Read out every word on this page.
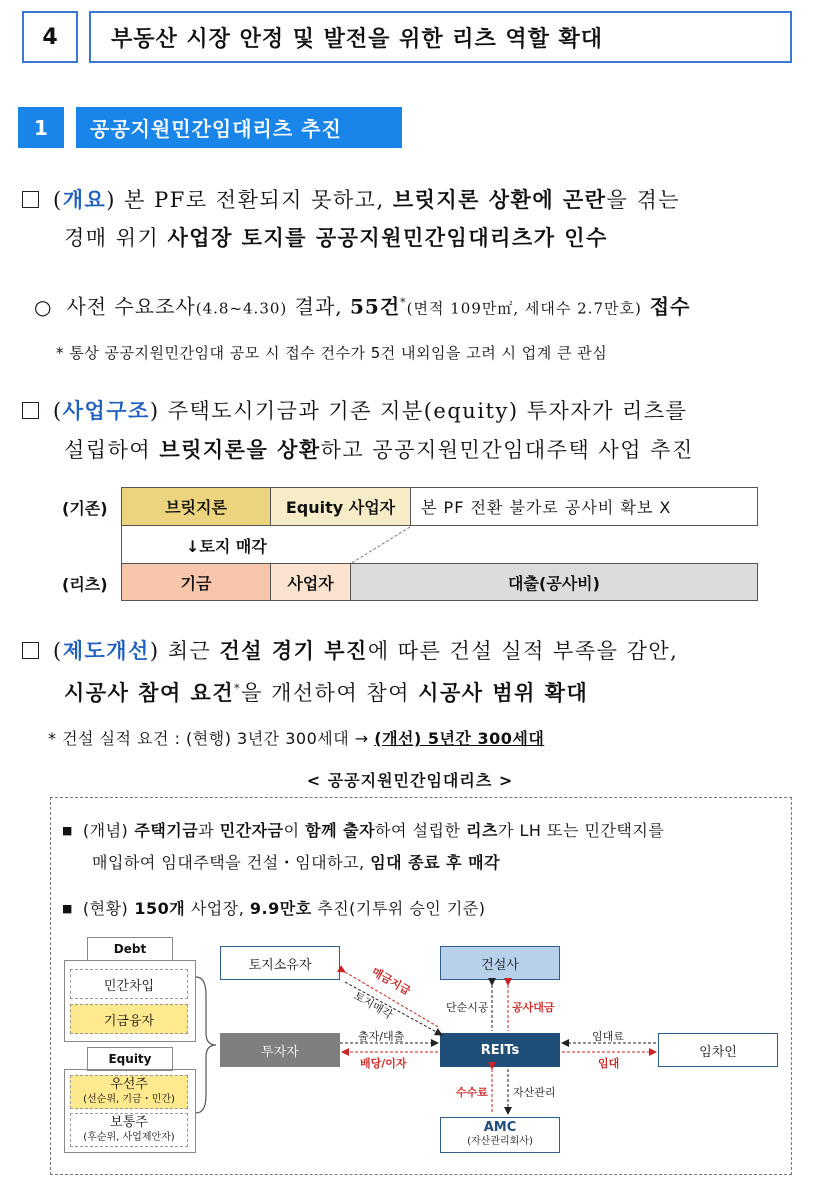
4	부동산 시장 안정 및 발전을 위한 리츠 역할 확대
1	공공지원민간임대리츠 추진
(개요) 본 PF로 전환되지 못하고, 브릿지론 상환에 곤란을 겪는
경매 위기 사업장 토지를 공공지원민간임대리츠가 인수
○ 사전 수요조사(4.8~4.30) 결과, 55건*(면적 109만㎡, 세대수 2.7만호) 접수
* 통상 공공지원민간임대 공모 시 접수 건수가 5건 내외임을 고려 시 업계 큰 관심
(사업구조) 주택도시기금과 기존 지분(equity) 투자자가 리츠를
설립하여 브릿지론을 상환하고 공공지원민간임대주택 사업 추진
(기존)	브릿지론	Equity 사업자	본 PF 전환 불가로 공사비 확보 X
↓토지 매각
(리츠)	기금	사업자	대출(공사비)
(제도개선) 최근 건설 경기 부진에 따른 건설 실적 부족을 감안,
시공사 참여 요건*을 개선하여 참여 시공사 범위 확대
* 건설 실적 요건 : (현행) 3년간 300세대 → (개선) 5년간 300세대
< 공공지원민간임대리츠 >
■ (개념) 주택기금과 민간자금이 함께 출자하여 설립한 리츠가 LH 또는 민간택지를
매입하여 임대주택을 건설・임대하고, 임대 종료 후 매각
■ (현황) 150개 사업장, 9.9만호 추진(기투위 승인 기준)
Debt
민간차입
기금융자
Equity
우선주
(선순위, 기금・민간)
보통주
(후순위, 사업제안자)
토지소유자	건설사
투자자	REITs	임차인
AMC
(자산관리회사)
매금지급
토지매각	단순시공 공사대금
출자/대출
배당/이자
임대료
임대
수수료 자산관리
